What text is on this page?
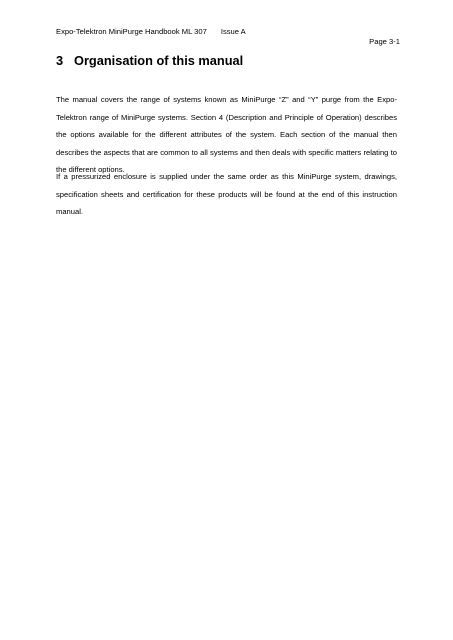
Expo-Telektron MiniPurge Handbook ML 307 Issue A
Page 3-1
3 Organisation of this manual

The manual covers the range of systems known as MiniPurge “Z” and “Y” purge from the Expo-Telektron range of MiniPurge systems. Section 4 (Description and Principle of Operation) describes the options available for the different attributes of the system. Each section of the manual then describes the aspects that are common to all systems and then deals with specific matters relating to the different options.

If a pressurized enclosure is supplied under the same order as this MiniPurge system, drawings, specification sheets and certification for these products will be found at the end of this instruction manual.
